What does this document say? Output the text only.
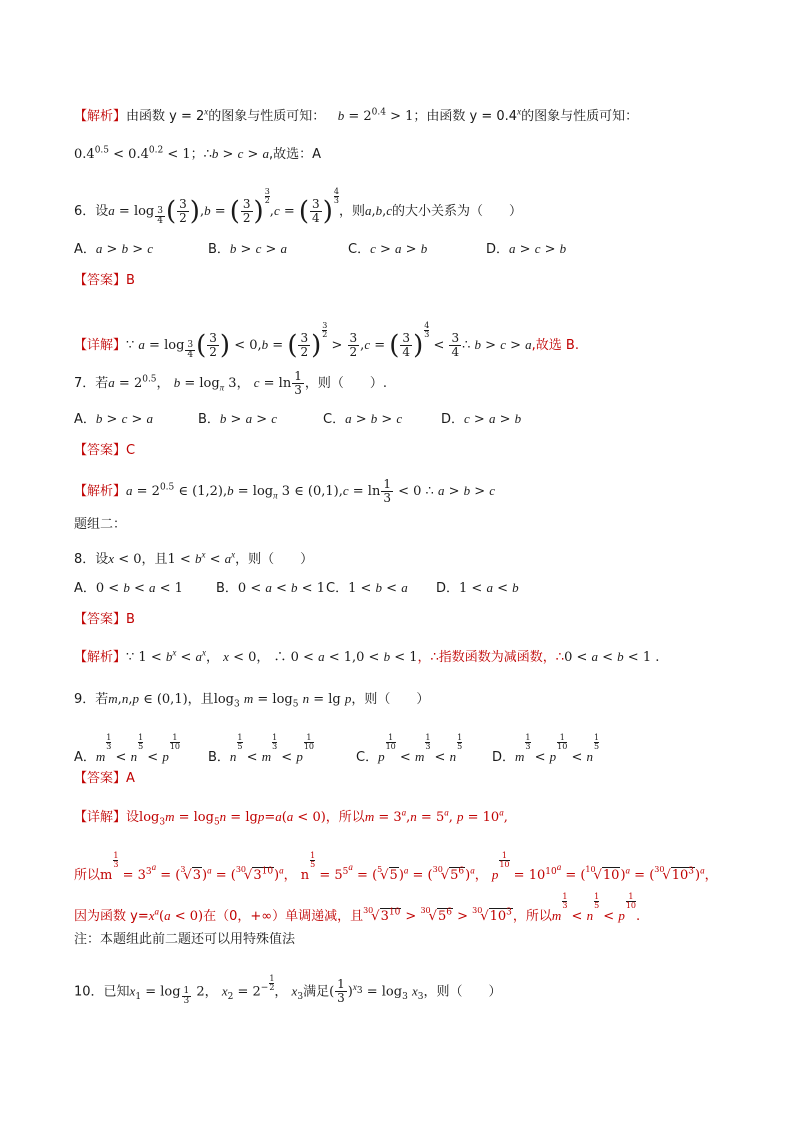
【解析】由函数 $y = 2^x$的图象与性质可知： $b = 2^{0.4} > 1$；由函数 $y = 0.4^x$的图象与性质可知：
$0.4^{0.5} < 0.4^{0.2} < 1$；∴b > c > a,故选：A
6．设a = log $_{\frac{3}{4}}$ ( $\frac{3}{2} ),b$ = ( $\frac{3}{2}$ ) $\frac{3}{2}$
,c = ( $\frac{3}{4}$ ) $\frac{4}{3}$
，则a,b,c的大小关系为（　　）
A．a > b > c	B．b > c > a	C．c > a > b	D．a > c > b
【答案】B
【详解】∵ a = log $_{\frac{3}{4}}$ ( $\frac{3}{2}$ ) < 0,b = ( $\frac{3}{2}$ ) $\frac{3}{2}$
> $\frac{3}{2} ,c$ = ( $\frac{3}{4}$ ) $\frac{4}{3}$
< $\frac{3}{4}$ ∴ b > c > a,故选 B.
7．若$a = 2^{0.5}$， $b = \log_\pi 3$， $c = \ln \frac{1}{3}$ ，则（　　）.
A．b > c > a	B．b > a > c	C．a > b > c	D．c > a > b
【答案】C
【解析】$a = 2^{0.5}$ ∈ $(1,2),b = \log_\pi 3$ ∈ $(0,1),c = \ln \frac{1}{3} < 0$ ∴ a > b > c
题组二：
8．设x < 0，且$1 < b^x < a^x$，则（　　）
A．0 < b < a < 1	B．0 < a < b < 1C．1 < b < a D．1 < a < b
【答案】B
【解析】∵ $1 < b^x < a^x$， x < 0， ∴ 0 < a < 1,0 < b < 1，∴指数函数为减函数，∴0 < a < b < 1 .
9．若m,n,p ∈ (0,1)，且$\log_3 m = \log_5 n = \lg p$，则（　　）
A．m
$\frac{1}{3}$
< n
$\frac{1}{5}$
< p
$\frac{1}{10}$
B．n
$\frac{1}{5}$
< m
$\frac{1}{3}$
< p
$\frac{1}{10}$
C．p
$\frac{1}{10}$
< m
$\frac{1}{3}$
< n
$\frac{1}{5}$
D．m
$\frac{1}{3}$
< p
$\frac{1}{10}$
< n
$\frac{1}{5}$
【答案】A
【详解】设$\log_3m = \log_5n = \lg p=a(a < 0)$，所以$m = 3^a,n = 5^a$, $p = 10^a$,
所以m
$\frac{1}{3}$
= $3^{3^a} = (^3√3)^a = (^{30}√3^{10})^a$， n
$\frac{1}{5}$
= $5^{5^a} = (^5√5)^a = (^{30}√5^6)^a$， p
$\frac{1}{10}$
= $10^{10^a} = (^{10}√10)^a = (^{30}√10^3)^a$，
因为函数 $y=x^a(a < 0)$在（0，+∞）单调递减，且$^{30}√3^{10} > ^{30}√5^6 > ^{30}√10^3$，所以m
$\frac{1}{3}$
< n
$\frac{1}{5}$
< p
$\frac{1}{10}$
.
注：本题组此前二题还可以用特殊值法
10．已知$x_1 = \log _{\frac{1}{3}}$ 2， $x_2 = 2^{- \frac{1}{2}}$ ， $x_3$满足( $\frac{1}{3} )^{x_3} = \log_3 x_3$，则（　　）
